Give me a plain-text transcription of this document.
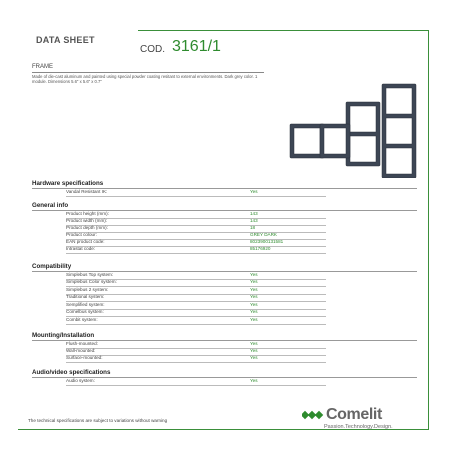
DATA SHEET
COD. 3161/1
FRAME
Made of die-cast aluminum and painted using special powder coating resitant to external environments. Dark grey color. 1 module. Dimensions 5.6" x 5.6" x 0.7"
Hardware specifications
Vandal Resistant IK:	Yes
General info
Product height (mm):	143
Product width (mm):	143
Product depth (mm):	18
Product colour:	GREY DARK
EAN product code:	8023900131581
Intrastat code:	85176920
Compatibility
Simplebus Top system:	Yes
Simplebus Color system:	Yes
Simplebus 2 system:	Yes
Traditional system:	Yes
Semplified system:	Yes
Comelbus system:	Yes
Combit system:	Yes
Mounting/Installation
Flush-mounted:	Yes
Wall-mounted:	Yes
Surface-mounted:	Yes
Audio/video specifications
Audio system:	Yes
The technical specifications are subject to variations without warning	Comelit
Passion.Technology.Design.
